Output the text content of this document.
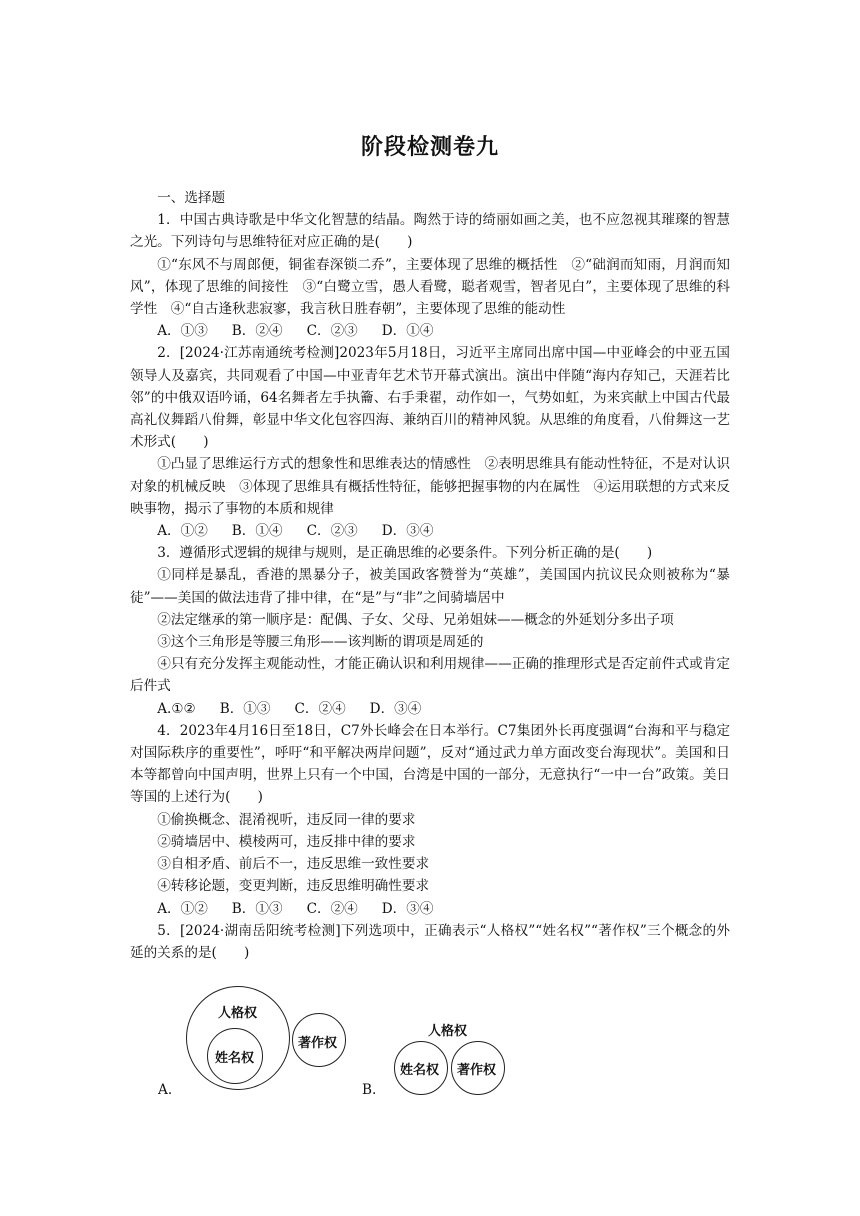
阶段检测卷九

一、选择题

1．中国古典诗歌是中华文化智慧的结晶。陶然于诗的绮丽如画之美，也不应忽视其璀璨的智慧之光。下列诗句与思维特征对应正确的是(　　)

①“东风不与周郎便，铜雀春深锁二乔”，主要体现了思维的概括性　②“础润而知雨，月润而知风”，体现了思维的间接性　③“白鹭立雪，愚人看鹭，聪者观雪，智者见白”，主要体现了思维的科学性　④“自古逢秋悲寂寥，我言秋日胜春朝”，主要体现了思维的能动性

A．①③ B．②④ C．②③ D．①④

2．[2024·江苏南通统考检测]2023年5月18日，习近平主席同出席中国—中亚峰会的中亚五国领导人及嘉宾，共同观看了中国—中亚青年艺术节开幕式演出。演出中伴随“海内存知己，天涯若比邻”的中俄双语吟诵，64名舞者左手执籥、右手秉翟，动作如一，气势如虹，为来宾献上中国古代最高礼仪舞蹈八佾舞，彰显中华文化包容四海、兼纳百川的精神风貌。从思维的角度看，八佾舞这一艺术形式(　　)

①凸显了思维运行方式的想象性和思维表达的情感性　②表明思维具有能动性特征，不是对认识对象的机械反映　③体现了思维具有概括性特征，能够把握事物的内在属性　④运用联想的方式来反映事物，揭示了事物的本质和规律

A．①② B．①④ C．②③ D．③④

3．遵循形式逻辑的规律与规则，是正确思维的必要条件。下列分析正确的是(　　)

①同样是暴乱，香港的黑暴分子，被美国政客赞誉为“英雄”，美国国内抗议民众则被称为“暴徒”——美国的做法违背了排中律，在“是”与“非”之间骑墙居中

②法定继承的第一顺序是：配偶、子女、父母、兄弟姐妹——概念的外延划分多出子项

③这个三角形是等腰三角形——该判断的谓项是周延的

④只有充分发挥主观能动性，才能正确认识和利用规律——正确的推理形式是否定前件式或肯定后件式

A.①② B．①③ C．②④ D．③④

4．2023年4月16日至18日，C7外长峰会在日本举行。C7集团外长再度强调“台海和平与稳定对国际秩序的重要性”，呼吁“和平解决两岸问题”，反对“通过武力单方面改变台海现状”。美国和日本等都曾向中国声明，世界上只有一个中国，台湾是中国的一部分，无意执行“一中一台”政策。美日等国的上述行为(　　)

①偷换概念、混淆视听，违反同一律的要求

②骑墙居中、模棱两可，违反排中律的要求

③自相矛盾、前后不一，违反思维一致性要求

④转移论题，变更判断，违反思维明确性要求

A．①② B．①③ C．②④ D．③④

5．[2024·湖南岳阳统考检测]下列选项中，正确表示“人格权”“姓名权”“著作权”三个概念的外延的关系的是(　　)

人格权
姓名权
著作权
A.
人格权
姓名权 著作权
B.
